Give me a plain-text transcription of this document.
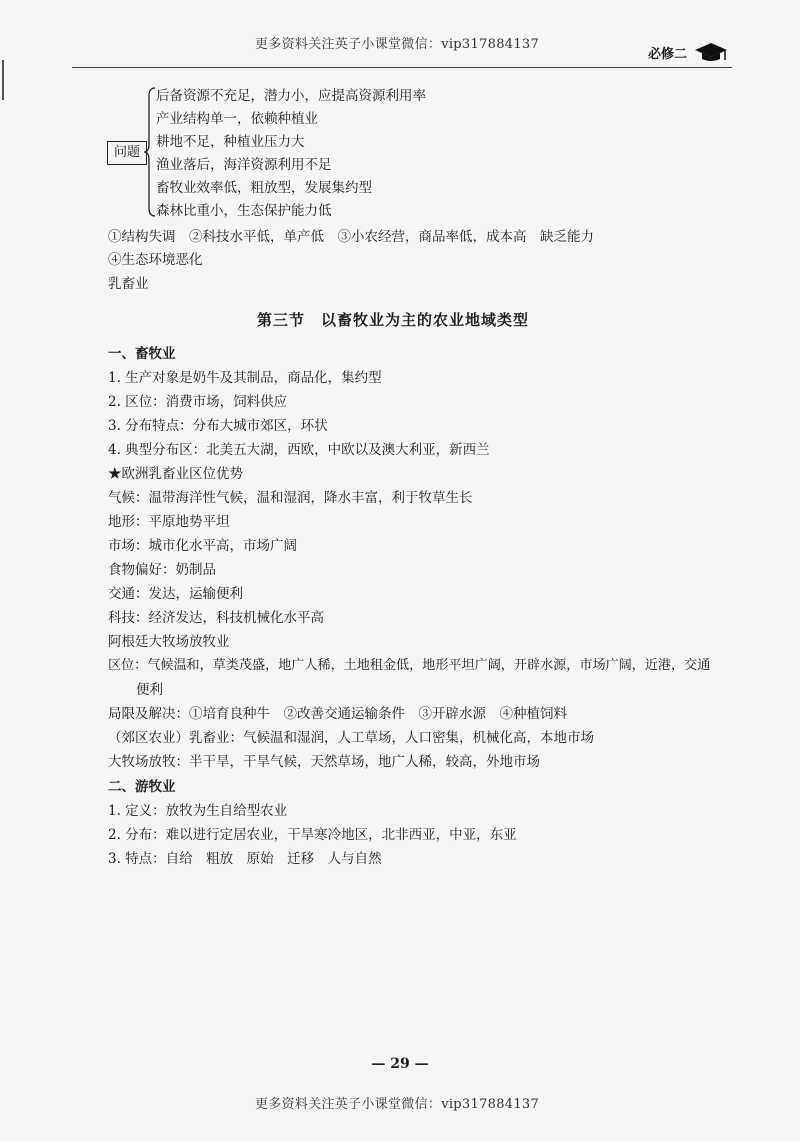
更多资料关注英子小课堂微信：vip317884137
必修二
问题
后备资源不充足，潜力小，应提高资源利用率
产业结构单一，依赖种植业
耕地不足，种植业压力大
渔业落后，海洋资源利用不足
畜牧业效率低，粗放型，发展集约型
森林比重小，生态保护能力低
①结构失调　②科技水平低，单产低　③小农经营，商品率低，成本高　缺乏能力
④生态环境恶化
乳畜业
第三节　以畜牧业为主的农业地域类型
一、畜牧业
1. 生产对象是奶牛及其制品，商品化，集约型
2. 区位：消费市场，饲料供应
3. 分布特点：分布大城市郊区，环状
4. 典型分布区：北美五大湖，西欧，中欧以及澳大利亚，新西兰
★欧洲乳畜业区位优势
气候：温带海洋性气候，温和湿润，降水丰富，利于牧草生长
地形：平原地势平坦
市场：城市化水平高，市场广阔
食物偏好：奶制品
交通：发达，运输便利
科技：经济发达，科技机械化水平高
阿根廷大牧场放牧业
区位：气候温和，草类茂盛，地广人稀，土地租金低，地形平坦广阔，开辟水源，市场广阔，近港，交通
便利
局限及解决：①培育良种牛　②改善交通运输条件　③开辟水源　④种植饲料
（郊区农业）乳畜业：气候温和湿润，人工草场，人口密集，机械化高，本地市场
大牧场放牧：半干旱，干旱气候，天然草场，地广人稀，较高，外地市场
二、游牧业
1. 定义：放牧为生自给型农业
2. 分布：难以进行定居农业，干旱寒冷地区，北非西亚，中亚，东亚
3. 特点：自给　粗放　原始　迁移　人与自然
— 29 —
更多资料关注英子小课堂微信：vip317884137
